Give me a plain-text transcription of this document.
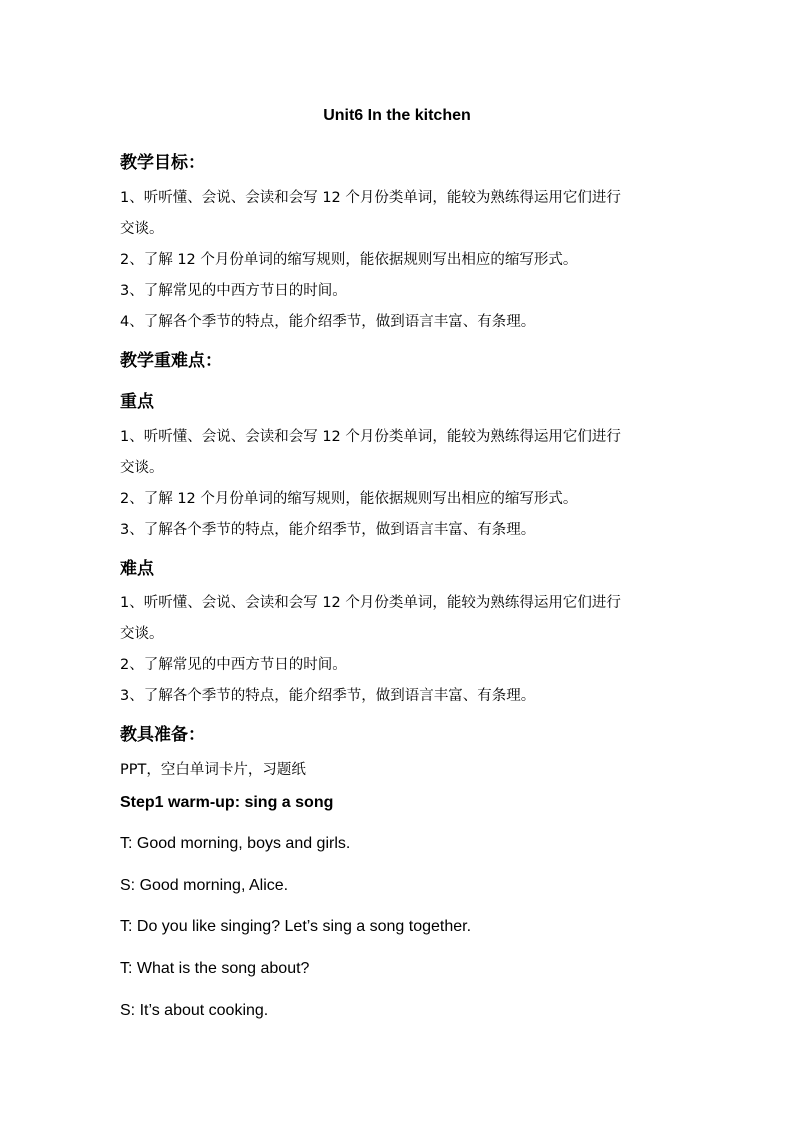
Unit6 In the kitchen
教学目标：
1、听听懂、会说、会读和会写 12 个月份类单词，能较为熟练得运用它们进行
交谈。
2、了解 12 个月份单词的缩写规则，能依据规则写出相应的缩写形式。
3、了解常见的中西方节日的时间。
4、了解各个季节的特点，能介绍季节，做到语言丰富、有条理。
教学重难点：
重点
1、听听懂、会说、会读和会写 12 个月份类单词，能较为熟练得运用它们进行
交谈。
2、了解 12 个月份单词的缩写规则，能依据规则写出相应的缩写形式。
3、了解各个季节的特点，能介绍季节，做到语言丰富、有条理。
难点
1、听听懂、会说、会读和会写 12 个月份类单词，能较为熟练得运用它们进行
交谈。
2、了解常见的中西方节日的时间。
3、了解各个季节的特点，能介绍季节，做到语言丰富、有条理。
教具准备：
PPT，空白单词卡片，习题纸
Step1 warm-up: sing a song
T: Good morning, boys and girls.
S: Good morning, Alice.
T: Do you like singing? Let’s sing a song together.
T: What is the song about?
S: It’s about cooking.
